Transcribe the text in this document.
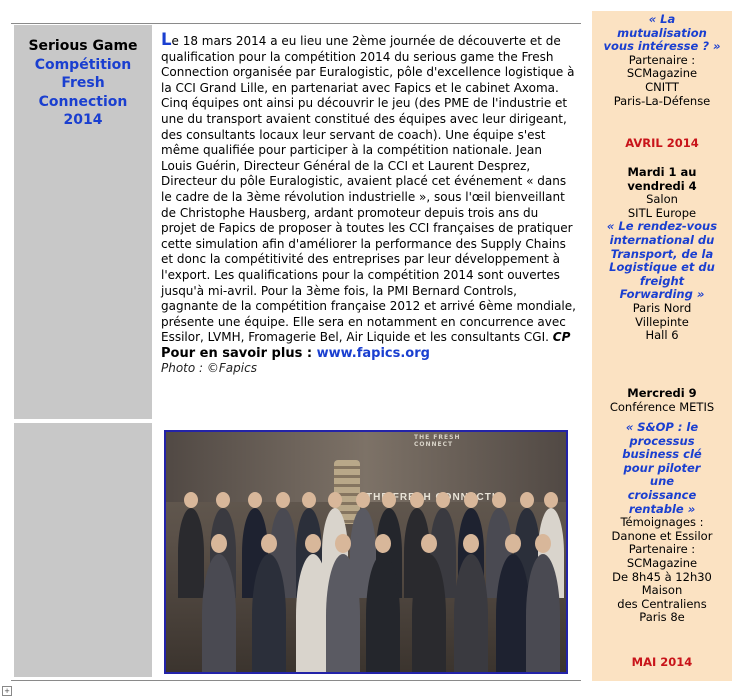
Serious Game
Compétition
Fresh
Connection
2014
Le 18 mars 2014 a eu lieu une 2ème journée de découverte et de qualification pour la compétition 2014 du serious game the Fresh Connection organisée par Euralogistic, pôle d'excellence logistique à la CCI Grand Lille, en partenariat avec Fapics et le cabinet Axoma. Cinq équipes ont ainsi pu découvrir le jeu (des PME de l'industrie et une du transport avaient constitué des équipes avec leur dirigeant, des consultants locaux leur servant de coach). Une équipe s'est même qualifiée pour participer à la compétition nationale. Jean Louis Guérin, Directeur Général de la CCI et Laurent Desprez, Directeur du pôle Euralogistic, avaient placé cet événement « dans le cadre de la 3ème révolution industrielle », sous l'œil bienveillant de Christophe Hausberg, ardant promoteur depuis trois ans du projet de Fapics de proposer à toutes les CCI françaises de pratiquer cette simulation afin d'améliorer la performance des Supply Chains et donc la compétitivité des entreprises par leur développement à l'export. Les qualifications pour la compétition 2014 sont ouvertes jusqu'à mi-avril. Pour la 3ème fois, la PMI Bernard Controls, gagnante de la compétition française 2012 et arrivé 6ème mondiale, présente une équipe. Elle sera en notamment en concurrence avec Essilor, LVMH, Fromagerie Bel, Air Liquide et les consultants CGI. CP
Pour en savoir plus : www.fapics.org
Photo : ©Fapics
THE FRESH CONNECT
THE
« La mutualisation vous intéresse ? »
Partenaire :
SCMagazine
CNITT
Paris-La-Défense
AVRIL 2014
Mardi 1 au vendredi 4
Salon
SITL Europe
« Le rendez-vous international du Transport, de la Logistique et du freight Forwarding »
Paris Nord
Villepinte
Hall 6
Mercredi 9
Conférence METIS
« S&OP : le processus business clé pour piloter une croissance rentable »
Témoignages :
Danone et Essilor
Partenaire :
SCMagazine
De 8h45 à 12h30
Maison
des Centraliens
Paris 8e
MAI 2014
+
